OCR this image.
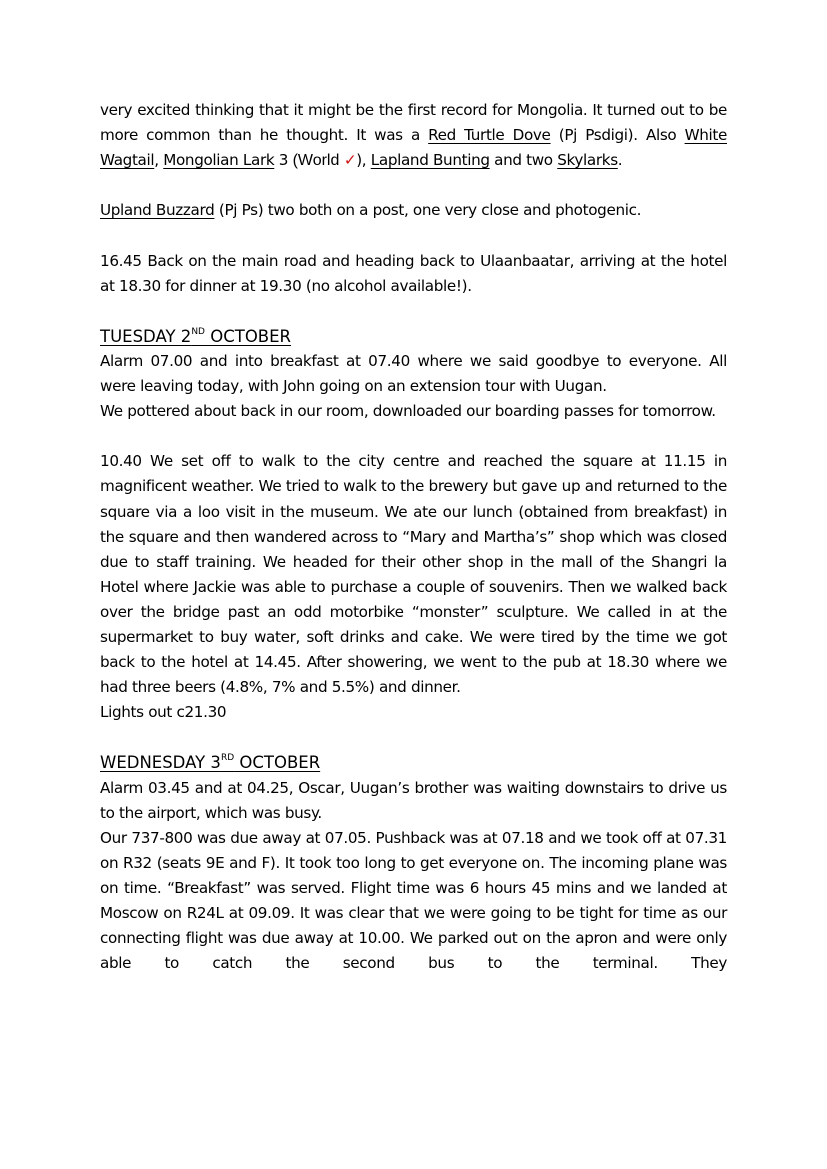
very excited thinking that it might be the first record for Mongolia. It turned out to be more common than he thought. It was a Red Turtle Dove (Pj Psdigi). Also White Wagtail, Mongolian Lark 3 (World ✓), Lapland Bunting and two Skylarks.

Upland Buzzard (Pj Ps) two both on a post, one very close and photogenic.

16.45 Back on the main road and heading back to Ulaanbaatar, arriving at the hotel at 18.30 for dinner at 19.30 (no alcohol available!).

TUESDAY 2ND OCTOBER

Alarm 07.00 and into breakfast at 07.40 where we said goodbye to everyone. All were leaving today, with John going on an extension tour with Uugan.

We pottered about back in our room, downloaded our boarding passes for tomorrow.

10.40 We set off to walk to the city centre and reached the square at 11.15 in magnificent weather. We tried to walk to the brewery but gave up and returned to the square via a loo visit in the museum. We ate our lunch (obtained from breakfast) in the square and then wandered across to “Mary and Martha’s” shop which was closed due to staff training. We headed for their other shop in the mall of the Shangri la Hotel where Jackie was able to purchase a couple of souvenirs. Then we walked back over the bridge past an odd motorbike “monster” sculpture. We called in at the supermarket to buy water, soft drinks and cake. We were tired by the time we got back to the hotel at 14.45. After showering, we went to the pub at 18.30 where we had three beers (4.8%, 7% and 5.5%) and dinner.

Lights out c21.30

WEDNESDAY 3RD OCTOBER

Alarm 03.45 and at 04.25, Oscar, Uugan’s brother was waiting downstairs to drive us to the airport, which was busy.

Our 737-800 was due away at 07.05. Pushback was at 07.18 and we took off at 07.31 on R32 (seats 9E and F). It took too long to get everyone on. The incoming plane was on time. “Breakfast” was served. Flight time was 6 hours 45 mins and we landed at Moscow on R24L at 09.09. It was clear that we were going to be tight for time as our connecting flight was due away at 10.00. We parked out on the apron and were only able to catch the second bus to the terminal. They
